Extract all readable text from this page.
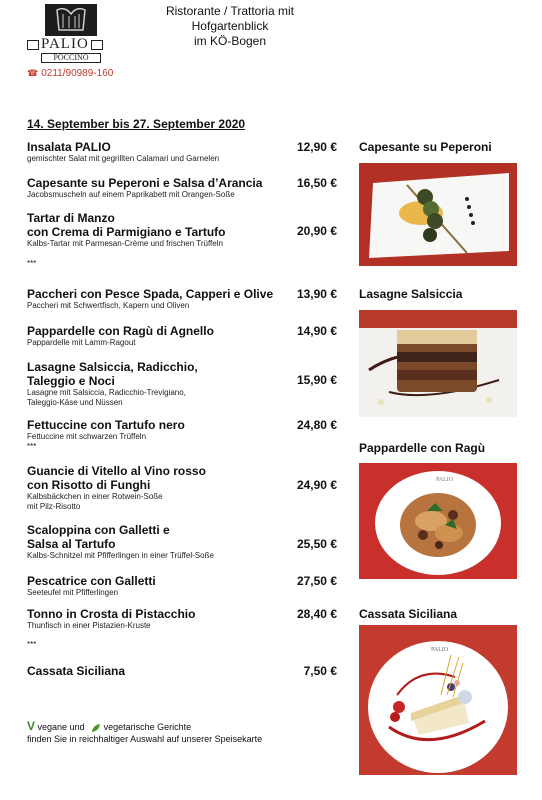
PALIO
POCCINO
☎ 0211/90989-160
Ristorante / Trattoria mit
Hofgartenblick
im KÖ-Bogen
14. September bis 27. September 2020
Insalata PALIO
gemischter Salat mit gegrillten Calamari und Garnelen
12,90 €
Capesante su Peperoni e Salsa d’Arancia
Jacobsmuscheln auf einem Paprikabett mit Orangen-Soße
16,50 €
Tartar di Manzo
con Crema di Parmigiano e Tartufo
Kalbs-Tartar mit Parmesan-Crème und frischen Trüffeln
20,90 €
***
Paccheri con Pesce Spada, Capperi e Olive
Paccheri mit Schwertfisch, Kapern und Oliven
13,90 €
Pappardelle con Ragù di Agnello
Pappardelle mit Lamm-Ragout
14,90 €
Lasagne Salsiccia, Radicchio,
Taleggio e Noci
Lasagne mit Salsiccia, Radicchio-Trevigiano,
Taleggio-Käse und Nüssen
15,90 €
Fettuccine con Tartufo nero
Fettuccine mit schwarzen Trüffeln
24,80 €
***
Guancie di Vitello al Vino rosso
con Risotto di Funghi
Kalbsbäckchen in einer Rotwein-Soße
mit Pilz-Risotto
24,90 €
Scaloppina con Galletti e
Salsa al Tartufo
Kalbs-Schnitzel mit Pfifferlingen in einer Trüffel-Soße
25,50 €
Pescatrice con Galletti
Seeteufel mit Pfifferlingen
27,50 €
Tonno in Crosta di Pistacchio
Thunfisch in einer Pistazien-Kruste
28,40 €
***
Cassata Siciliana	7,50 €
Capesante su Peperoni
Lasagne Salsiccia
Pappardelle con Ragù
Cassata Siciliana
PALIO
PALIO
V vegane und vegetarische Gerichte
finden Sie in reichhaltiger Auswahl auf unserer Speisekarte
